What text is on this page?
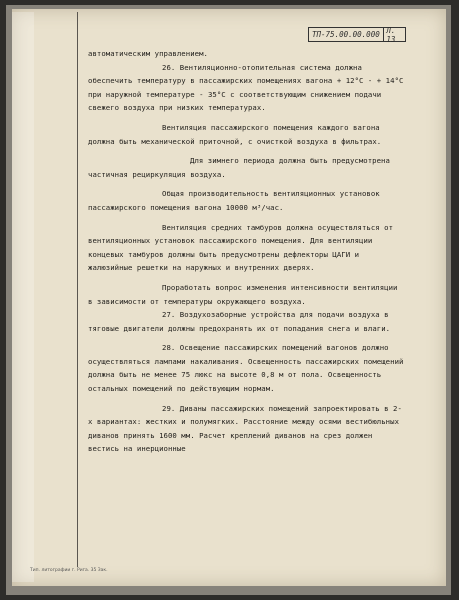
ТП-75.00.00.000 Л. 13

автоматическим управлением.

26. Вентиляционно-отопительная система должна обеспечить температуру в пассажирских помещениях вагона + 12°С - + 14°С при наружной температуре - 35°С с соответствующим снижением подачи свежего воздуха при низких температурах.

Вентиляция пассажирского помещения каждого вагона должна быть механической приточной, с очисткой воздуха в фильтрах.

Для зимнего периода должна быть предусмотрена частичная рециркуляция воздуха.

Общая производительность вентиляционных установок пассажирского помещения вагона 10000 м³/час.

Вентиляция средних тамбуров должна осуществляться от вентиляционных установок пассажирского помещения. Для вентиляции концевых тамбуров должны быть предусмотрены дефлекторы ЦАГИ и жалюзийные решетки на наружных и внутренних дверях.

Проработать вопрос изменения интенсивности вентиляции в зависимости от температуры окружающего воздуха.

27. Воздухозаборные устройства для подачи воздуха в тяговые двигатели должны предохранять их от попадания снега и влаги.

28. Освещение пассажирских помещений вагонов должно осуществляться лампами накаливания. Освещенность пассажирских помещений должна быть не менее 75 люкс на высоте 0,8 м от пола. Освещенность остальных помещений по действующим нормам.

29. Диваны пассажирских помещений запроектировать в 2-х вариантах: жестких и полумягких. Расстояние между осями вестибюльных диванов принять 1600 мм. Расчет креплений диванов на срез должен вестись на инерционные

Тип. литографии г. Рига. 35 Зак.
